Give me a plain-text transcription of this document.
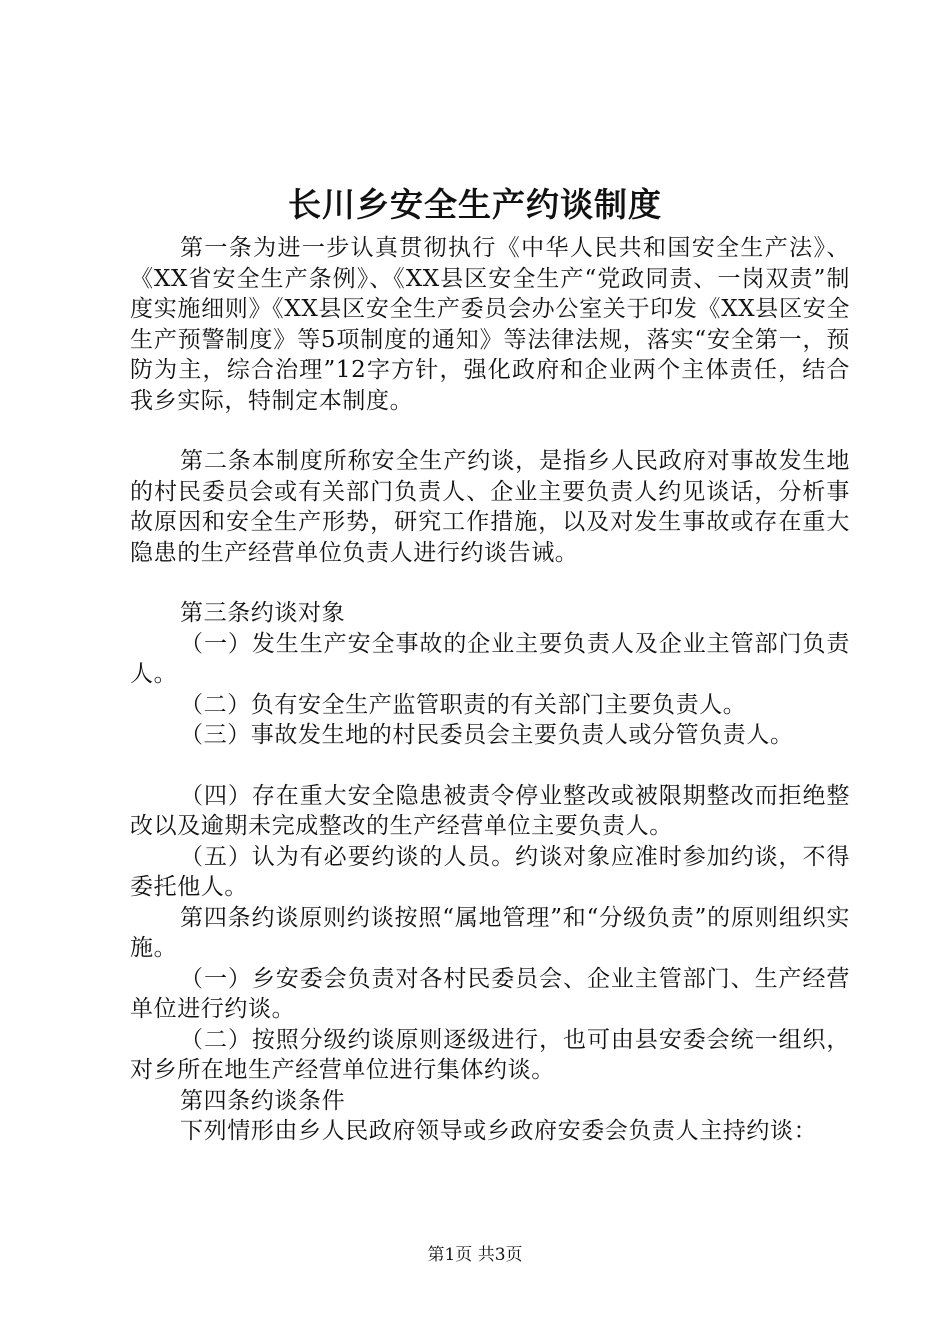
长川乡安全生产约谈制度

第一条为进一步认真贯彻执行《中华人民共和国安全生产法》、《XX省安全生产条例》、《XX县区安全生产“党政同责、一岗双责”制度实施细则》《XX县区安全生产委员会办公室关于印发《XX县区安全生产预警制度》等5项制度的通知》等法律法规，落实“安全第一，预防为主，综合治理”12字方针，强化政府和企业两个主体责任，结合我乡实际，特制定本制度。

第二条本制度所称安全生产约谈，是指乡人民政府对事故发生地的村民委员会或有关部门负责人、企业主要负责人约见谈话，分析事故原因和安全生产形势，研究工作措施，以及对发生事故或存在重大隐患的生产经营单位负责人进行约谈告诫。

第三条约谈对象

（一）发生生产安全事故的企业主要负责人及企业主管部门负责人。

（二）负有安全生产监管职责的有关部门主要负责人。

（三）事故发生地的村民委员会主要负责人或分管负责人。

（四）存在重大安全隐患被责令停业整改或被限期整改而拒绝整改以及逾期未完成整改的生产经营单位主要负责人。

（五）认为有必要约谈的人员。约谈对象应准时参加约谈，不得委托他人。

第四条约谈原则约谈按照“属地管理”和“分级负责”的原则组织实施。

（一）乡安委会负责对各村民委员会、企业主管部门、生产经营单位进行约谈。

（二）按照分级约谈原则逐级进行，也可由县安委会统一组织，对乡所在地生产经营单位进行集体约谈。

第四条约谈条件

下列情形由乡人民政府领导或乡政府安委会负责人主持约谈：

第1页 共3页
